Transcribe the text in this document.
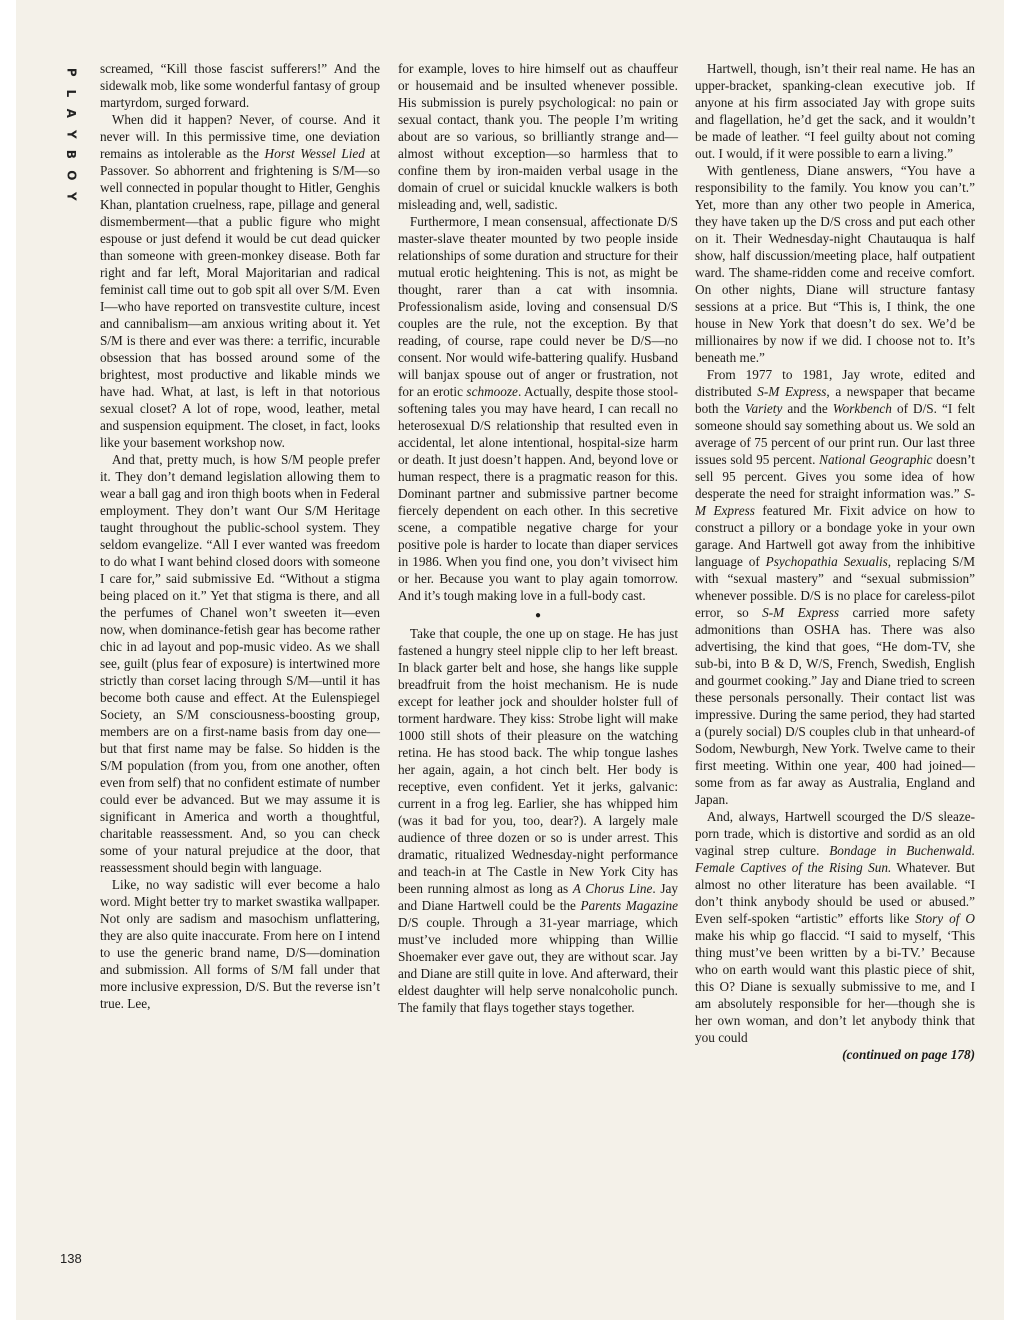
P
L
A
Y
B
O
Y

screamed, “Kill those fascist sufferers!” And the sidewalk mob, like some wonderful fantasy of group martyrdom, surged forward.

When did it happen? Never, of course. And it never will. In this permissive time, one deviation remains as intolerable as the Horst Wessel Lied at Passover. So abhorrent and frightening is S/M—so well connected in popular thought to Hitler, Genghis Khan, plantation cruelness, rape, pillage and general dismemberment—that a public figure who might espouse or just defend it would be cut dead quicker than someone with green-monkey disease. Both far right and far left, Moral Majoritarian and radical feminist call time out to gob spit all over S/M. Even I—who have reported on transvestite culture, incest and cannibalism—am anxious writing about it. Yet S/M is there and ever was there: a terrific, incurable obsession that has bossed around some of the brightest, most productive and likable minds we have had. What, at last, is left in that notorious sexual closet? A lot of rope, wood, leather, metal and suspension equipment. The closet, in fact, looks like your basement workshop now.

And that, pretty much, is how S/M people prefer it. They don’t demand legislation allowing them to wear a ball gag and iron thigh boots when in Federal employment. They don’t want Our S/M Heritage taught throughout the public-school system. They seldom evangelize. “All I ever wanted was freedom to do what I want behind closed doors with someone I care for,” said submissive Ed. “Without a stigma being placed on it.” Yet that stigma is there, and all the perfumes of Chanel won’t sweeten it—even now, when dominance-fetish gear has become rather chic in ad layout and pop-music video. As we shall see, guilt (plus fear of exposure) is intertwined more strictly than corset lacing through S/M—until it has become both cause and effect. At the Eulenspiegel Society, an S/M consciousness-boosting group, members are on a first-name basis from day one—but that first name may be false. So hidden is the S/M population (from you, from one another, often even from self) that no confident estimate of number could ever be advanced. But we may assume it is significant in America and worth a thoughtful, charitable reassessment. And, so you can check some of your natural prejudice at the door, that reassessment should begin with language.

Like, no way sadistic will ever become a halo word. Might better try to market swastika wallpaper. Not only are sadism and masochism unflattering, they are also quite inaccurate. From here on I intend to use the generic brand name, D/S—domination and submission. All forms of S/M fall under that more inclusive expression, D/S. But the reverse isn’t true. Lee,

for example, loves to hire himself out as chauffeur or housemaid and be insulted whenever possible. His submission is purely psychological: no pain or sexual contact, thank you. The people I’m writing about are so various, so brilliantly strange and—almost without exception—so harmless that to confine them by iron-maiden verbal usage in the domain of cruel or suicidal knuckle walkers is both misleading and, well, sadistic.

Furthermore, I mean consensual, affectionate D/S master-slave theater mounted by two people inside relationships of some duration and structure for their mutual erotic heightening. This is not, as might be thought, rarer than a cat with insomnia. Professionalism aside, loving and consensual D/S couples are the rule, not the exception. By that reading, of course, rape could never be D/S—no consent. Nor would wife-battering qualify. Husband will banjax spouse out of anger or frustration, not for an erotic schmooze. Actually, despite those stool-softening tales you may have heard, I can recall no heterosexual D/S relationship that resulted even in accidental, let alone intentional, hospital-size harm or death. It just doesn’t happen. And, beyond love or human respect, there is a pragmatic reason for this. Dominant partner and submissive partner become fiercely dependent on each other. In this secretive scene, a compatible negative charge for your positive pole is harder to locate than diaper services in 1986. When you find one, you don’t vivisect him or her. Because you want to play again tomorrow. And it’s tough making love in a full-body cast.

●

Take that couple, the one up on stage. He has just fastened a hungry steel nipple clip to her left breast. In black garter belt and hose, she hangs like supple breadfruit from the hoist mechanism. He is nude except for leather jock and shoulder holster full of torment hardware. They kiss: Strobe light will make 1000 still shots of their pleasure on the watching retina. He has stood back. The whip tongue lashes her again, again, a hot cinch belt. Her body is receptive, even confident. Yet it jerks, galvanic: current in a frog leg. Earlier, she has whipped him (was it bad for you, too, dear?). A largely male audience of three dozen or so is under arrest. This dramatic, ritualized Wednesday-night performance and teach-in at The Castle in New York City has been running almost as long as A Chorus Line. Jay and Diane Hartwell could be the Parents Magazine D/S couple. Through a 31-year marriage, which must’ve included more whipping than Willie Shoemaker ever gave out, they are without scar. Jay and Diane are still quite in love. And afterward, their eldest daughter will help serve nonalcoholic punch. The family that flays together stays together.

Hartwell, though, isn’t their real name. He has an upper-bracket, spanking-clean executive job. If anyone at his firm associated Jay with grope suits and flagellation, he’d get the sack, and it wouldn’t be made of leather. “I feel guilty about not coming out. I would, if it were possible to earn a living.”

With gentleness, Diane answers, “You have a responsibility to the family. You know you can’t.” Yet, more than any other two people in America, they have taken up the D/S cross and put each other on it. Their Wednesday-night Chautauqua is half show, half discussion/meeting place, half outpatient ward. The shame-ridden come and receive comfort. On other nights, Diane will structure fantasy sessions at a price. But “This is, I think, the one house in New York that doesn’t do sex. We’d be millionaires by now if we did. I choose not to. It’s beneath me.”

From 1977 to 1981, Jay wrote, edited and distributed S-M Express, a newspaper that became both the Variety and the Workbench of D/S. “I felt someone should say something about us. We sold an average of 75 percent of our print run. Our last three issues sold 95 percent. National Geographic doesn’t sell 95 percent. Gives you some idea of how desperate the need for straight information was.” S-M Express featured Mr. Fixit advice on how to construct a pillory or a bondage yoke in your own garage. And Hartwell got away from the inhibitive language of Psychopathia Sexualis, replacing S/M with “sexual mastery” and “sexual submission” whenever possible. D/S is no place for careless-pilot error, so S-M Express carried more safety admonitions than OSHA has. There was also advertising, the kind that goes, “He dom-TV, she sub-bi, into B & D, W/S, French, Swedish, English and gourmet cooking.” Jay and Diane tried to screen these personals personally. Their contact list was impressive. During the same period, they had started a (purely social) D/S couples club in that unheard-of Sodom, Newburgh, New York. Twelve came to their first meeting. Within one year, 400 had joined—some from as far away as Australia, England and Japan.

And, always, Hartwell scourged the D/S sleaze-porn trade, which is distortive and sordid as an old vaginal strep culture. Bondage in Buchenwald. Female Captives of the Rising Sun. Whatever. But almost no other literature has been available. “I don’t think anybody should be used or abused.” Even self-spoken “artistic” efforts like Story of O make his whip go flaccid. “I said to myself, ‘This thing must’ve been written by a bi-TV.’ Because who on earth would want this plastic piece of shit, this O? Diane is sexually submissive to me, and I am absolutely responsible for her—though she is her own woman, and don’t let anybody think that you could

(continued on page 178)

138
